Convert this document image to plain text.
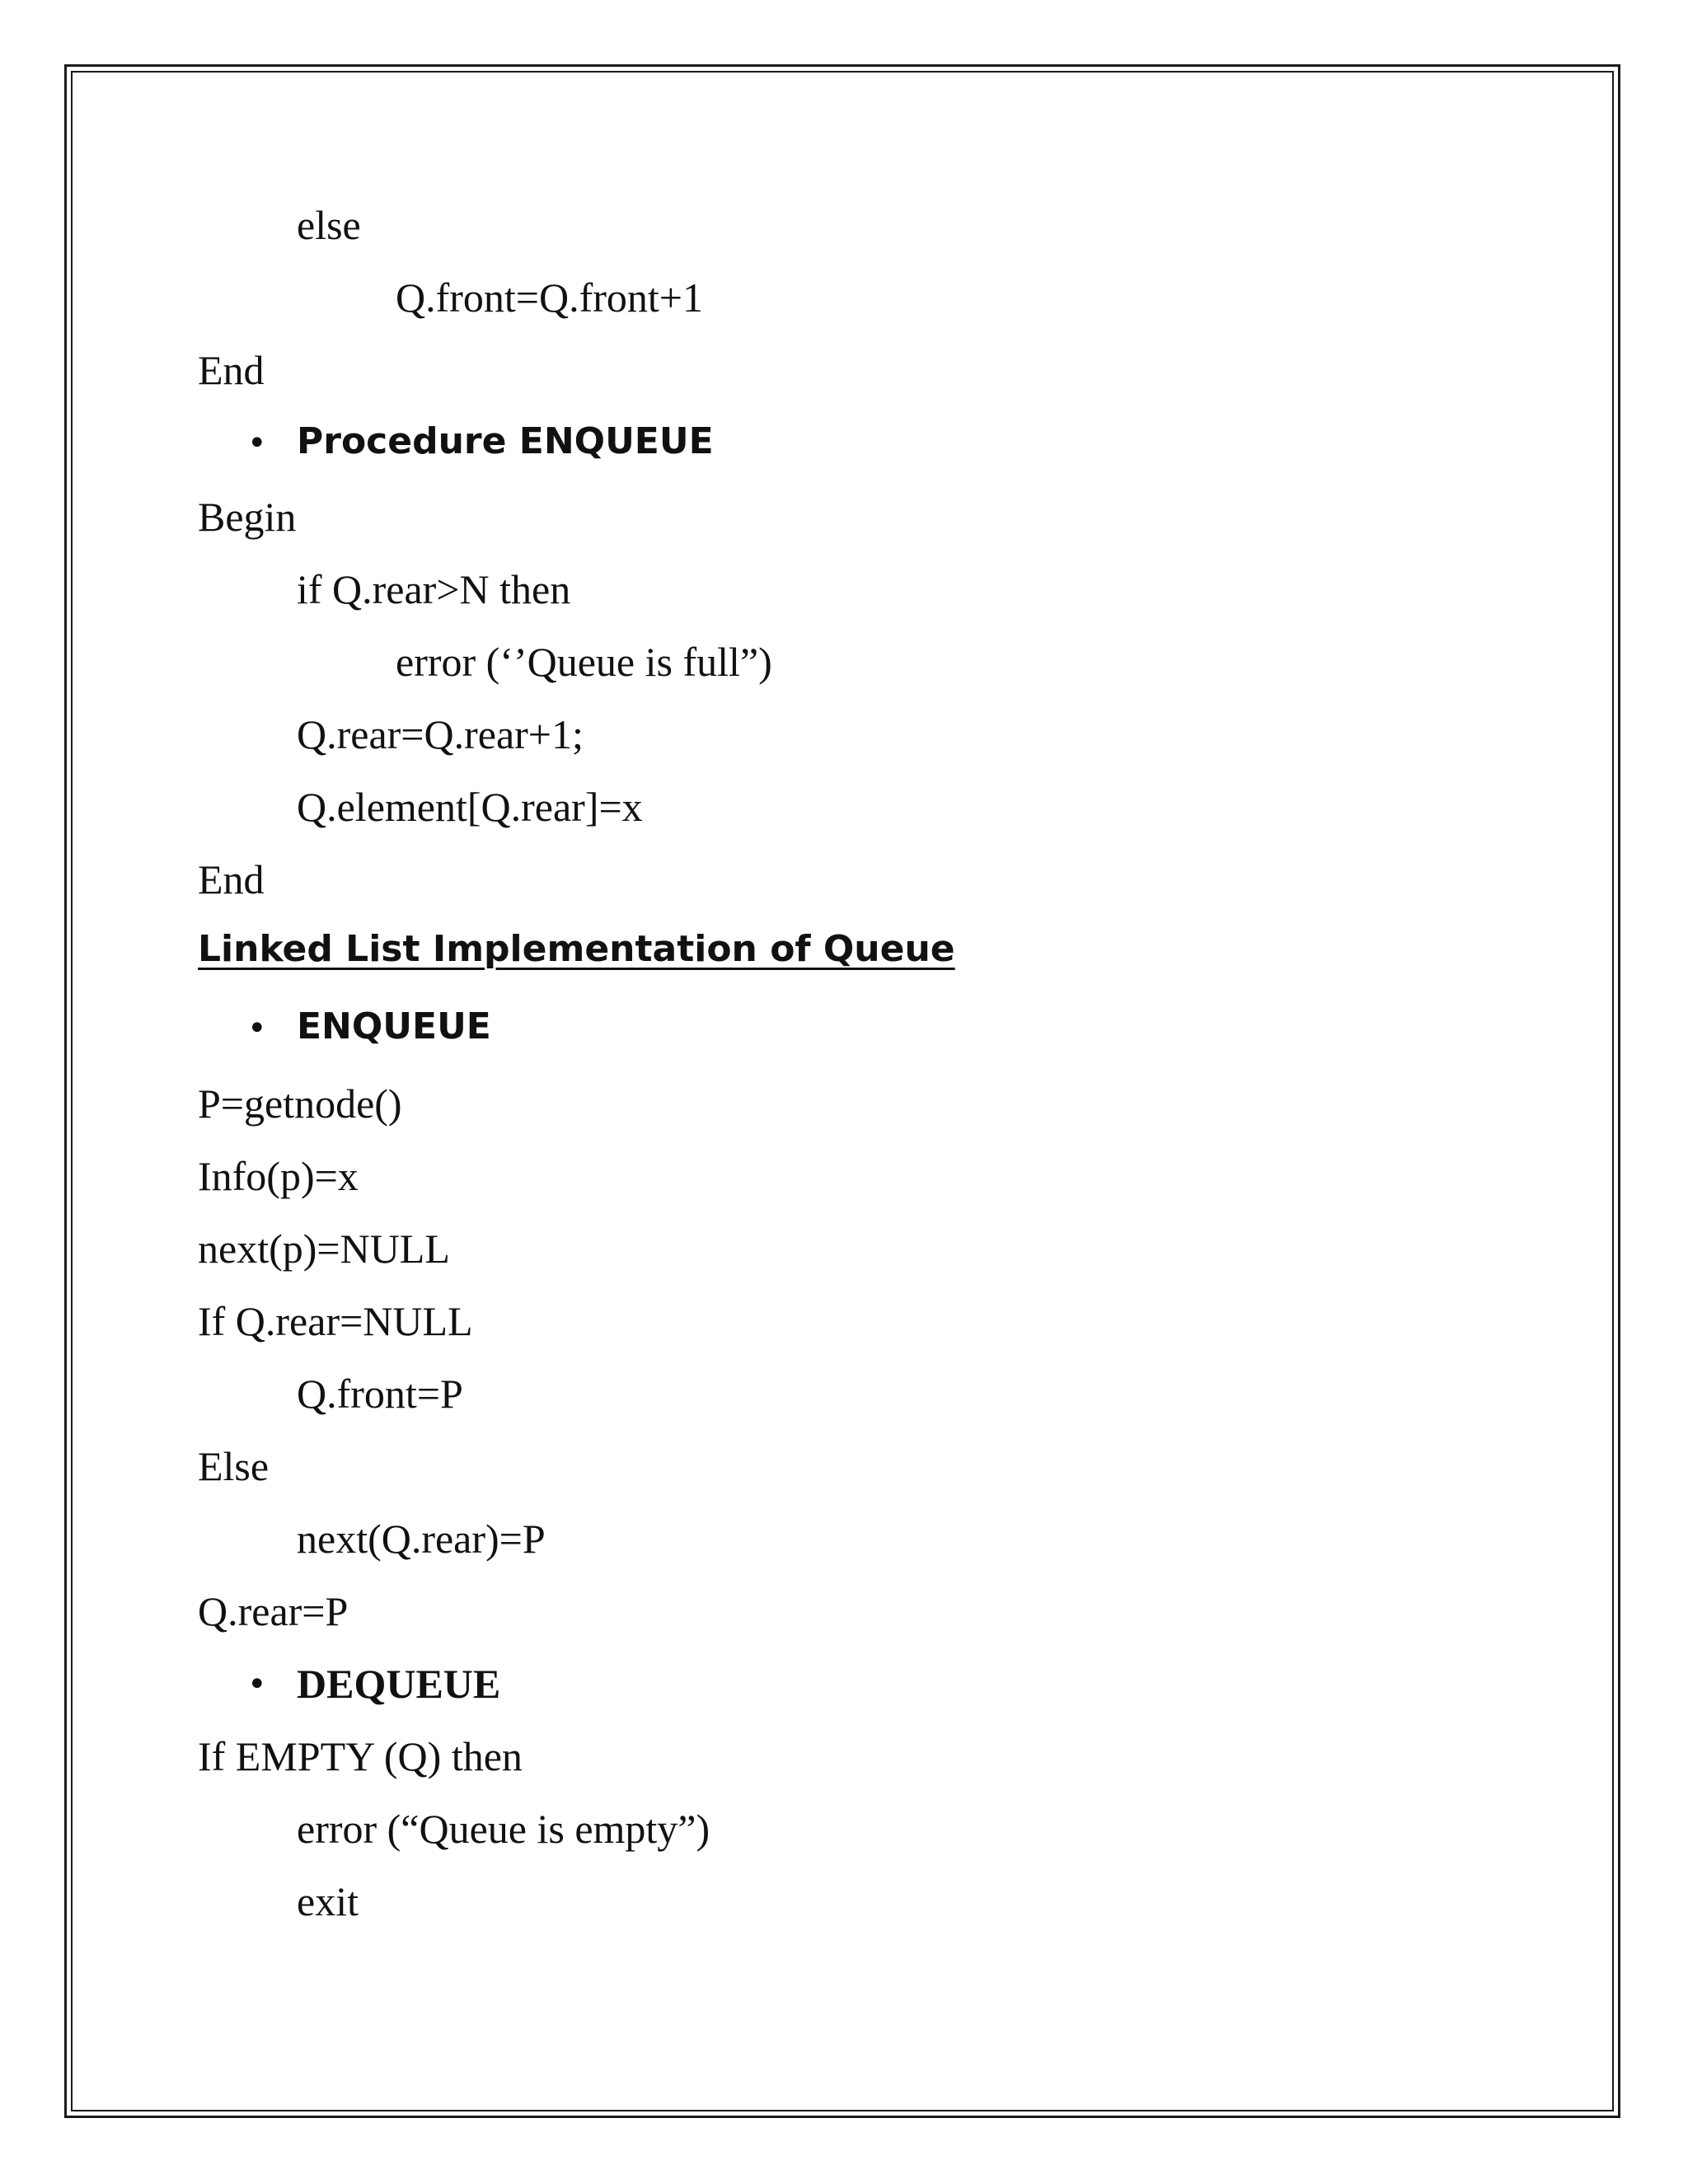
else
Q.front=Q.front+1
End
• Procedure ENQUEUE
Begin
if Q.rear>N then
error (‘’Queue is full”)
Q.rear=Q.rear+1;
Q.element[Q.rear]=x
End
Linked List Implementation of Queue
• ENQUEUE
P=getnode()
Info(p)=x
next(p)=NULL
If Q.rear=NULL
Q.front=P
Else
next(Q.rear)=P
Q.rear=P
• DEQUEUE
If EMPTY (Q) then
error (“Queue is empty”)
exit
